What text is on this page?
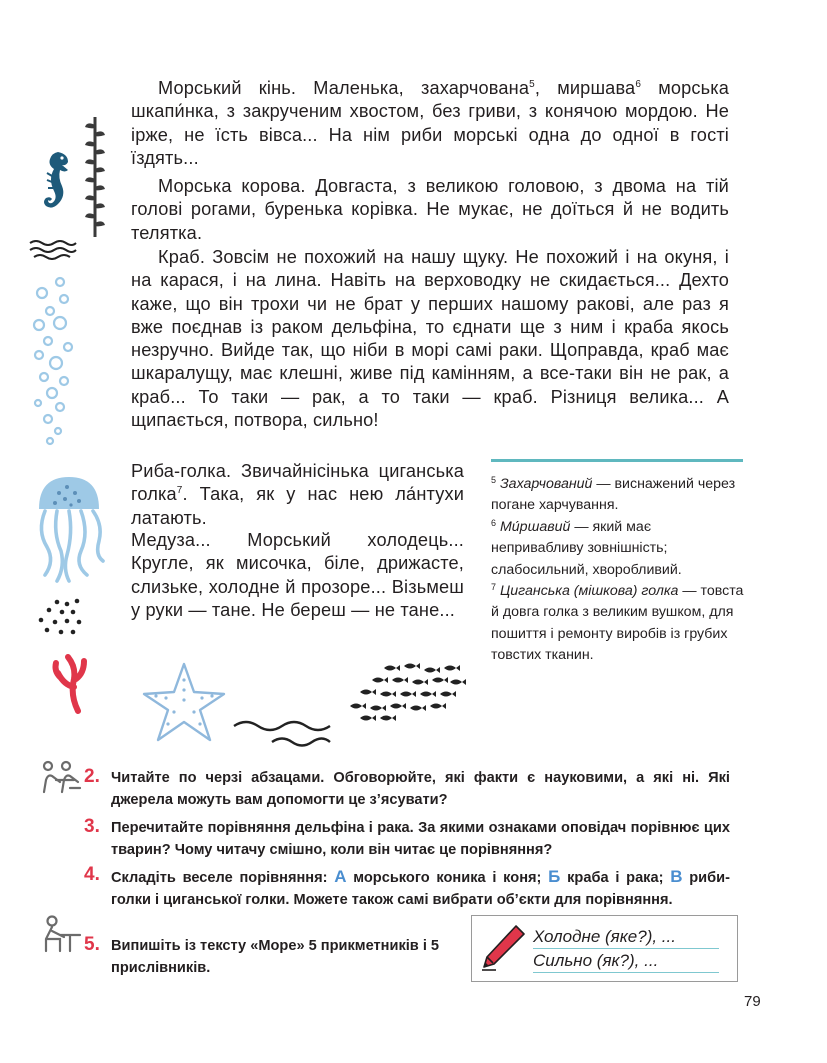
Морський кінь. Маленька, захарчована$^5$, миршава$^6$ морська шкапи́нка, з закрученим хвостом, без гриви, з конячою мордою. Не ірже, не їсть вівса... На нім риби морські одна до одної в гості їздять...

Морська корова. Довгаста, з великою головою, з двома на тій голові рогами, буренька корівка. Не мукає, не доїться й не водить телятка.

Краб. Зовсім не похожий на нашу щуку. Не похожий і на окуня, і на карася, і на лина. Навіть на верховодку не скидається... Дехто каже, що він трохи чи не брат у перших нашому ракові, але раз я вже поєднав із раком дельфіна, то єднати ще з ним і краба якось незручно. Вийде так, що ніби в морі самі раки. Щоправда, краб має шкаралущу, має клешні, живе під камінням, а все-таки він не рак, а краб... То таки — рак, а то таки — краб. Різниця велика... А щипається, потвора, сильно!

Риба-голка. Звичайнісінька циганська голка$^7$. Така, як у нас нею ла́нтухи латають.

Медуза... Морський холодець... Кругле, як мисочка, біле, дрижасте, слизьке, холодне й прозоре... Візьмеш у руки — тане. Не береш — не тане...

$^5$ Захарчований — виснажений через погане харчування.

$^6$ Ми́ршавий — який має непривабливу зовнішність; слабосильний, хворобливий.

$^7$ Циганська (мішкова) голка — товста й довга голка з великим вушком, для пошиття і ремонту виробів із грубих товстих тканин.

2. Читайте по черзі абзацами. Обговорюйте, які факти є науковими, а які ні. Які джерела можуть вам допомогти це з’ясувати?
3. Перечитайте порівняння дельфіна і рака. За якими ознаками оповідач порівнює цих тварин? Чому читачу смішно, коли він читає це порівняння?
4. Складіть веселе порівняння: А морського коника і коня; Б краба і рака; В риби-голки і циганської голки. Можете також самі вибрати об’єкти для порівняння.
5. Випишіть із тексту «Море» 5 прикметників і 5 прислівників.
Холодне (яке?), ...
Сильно (як?), ...
79
